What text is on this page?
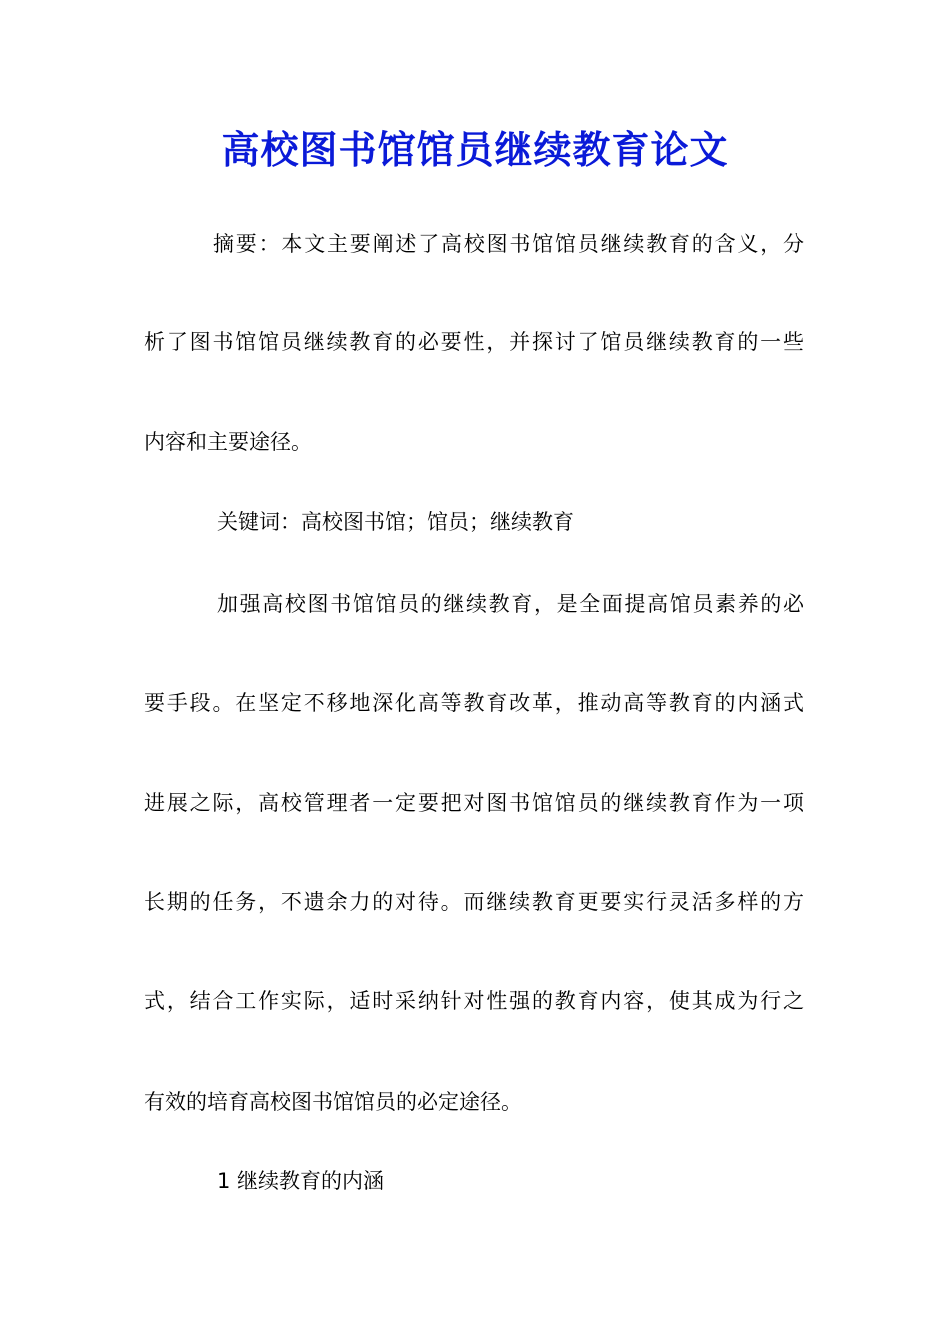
高校图书馆馆员继续教育论文
摘要：本文主要阐述了高校图书馆馆员继续教育的含义，分
析了图书馆馆员继续教育的必要性，并探讨了馆员继续教育的一些
内容和主要途径。
关键词：高校图书馆；馆员；继续教育
加强高校图书馆馆员的继续教育，是全面提高馆员素养的必
要手段。在坚定不移地深化高等教育改革，推动高等教育的内涵式
进展之际，高校管理者一定要把对图书馆馆员的继续教育作为一项
长期的任务，不遗余力的对待。而继续教育更要实行灵活多样的方
式，结合工作实际，适时采纳针对性强的教育内容，使其成为行之
有效的培育高校图书馆馆员的必定途径。
1 继续教育的内涵
